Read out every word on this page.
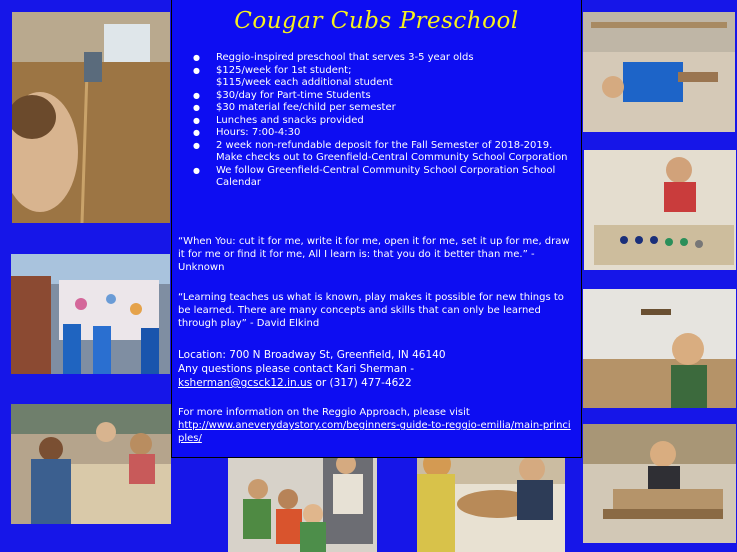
Cougar Cubs Preschool
● Reggio-inspired preschool that serves 3-5 year olds
● $125/week for 1st student;
$115/week each additional student
● $30/day for Part-time Students
● $30 material fee/child per semester
● Lunches and snacks provided
● Hours: 7:00-4:30
● 2 week non-refundable deposit for the Fall Semester of 2018-2019. Make checks out to Greenfield-Central Community School Corporation
● We follow Greenfield-Central Community School Corporation School Calendar

“When You: cut it for me, write it for me, open it for me, set it up for me, draw it for me or find it for me, All I learn is: that you do it better than me.” - Unknown

“Learning teaches us what is known, play makes it possible for new things to be learned. There are many concepts and skills that can only be learned through play” - David Elkind

Location: 700 N Broadway St, Greenfield, IN 46140
Any questions please contact Kari Sherman -
ksherman@gcsck12.in.us or (317) 477-4622
For more information on the Reggio Approach, please visit
http://www.aneverydaystory.com/beginners-guide-to-reggio-emilia/main-principles/
